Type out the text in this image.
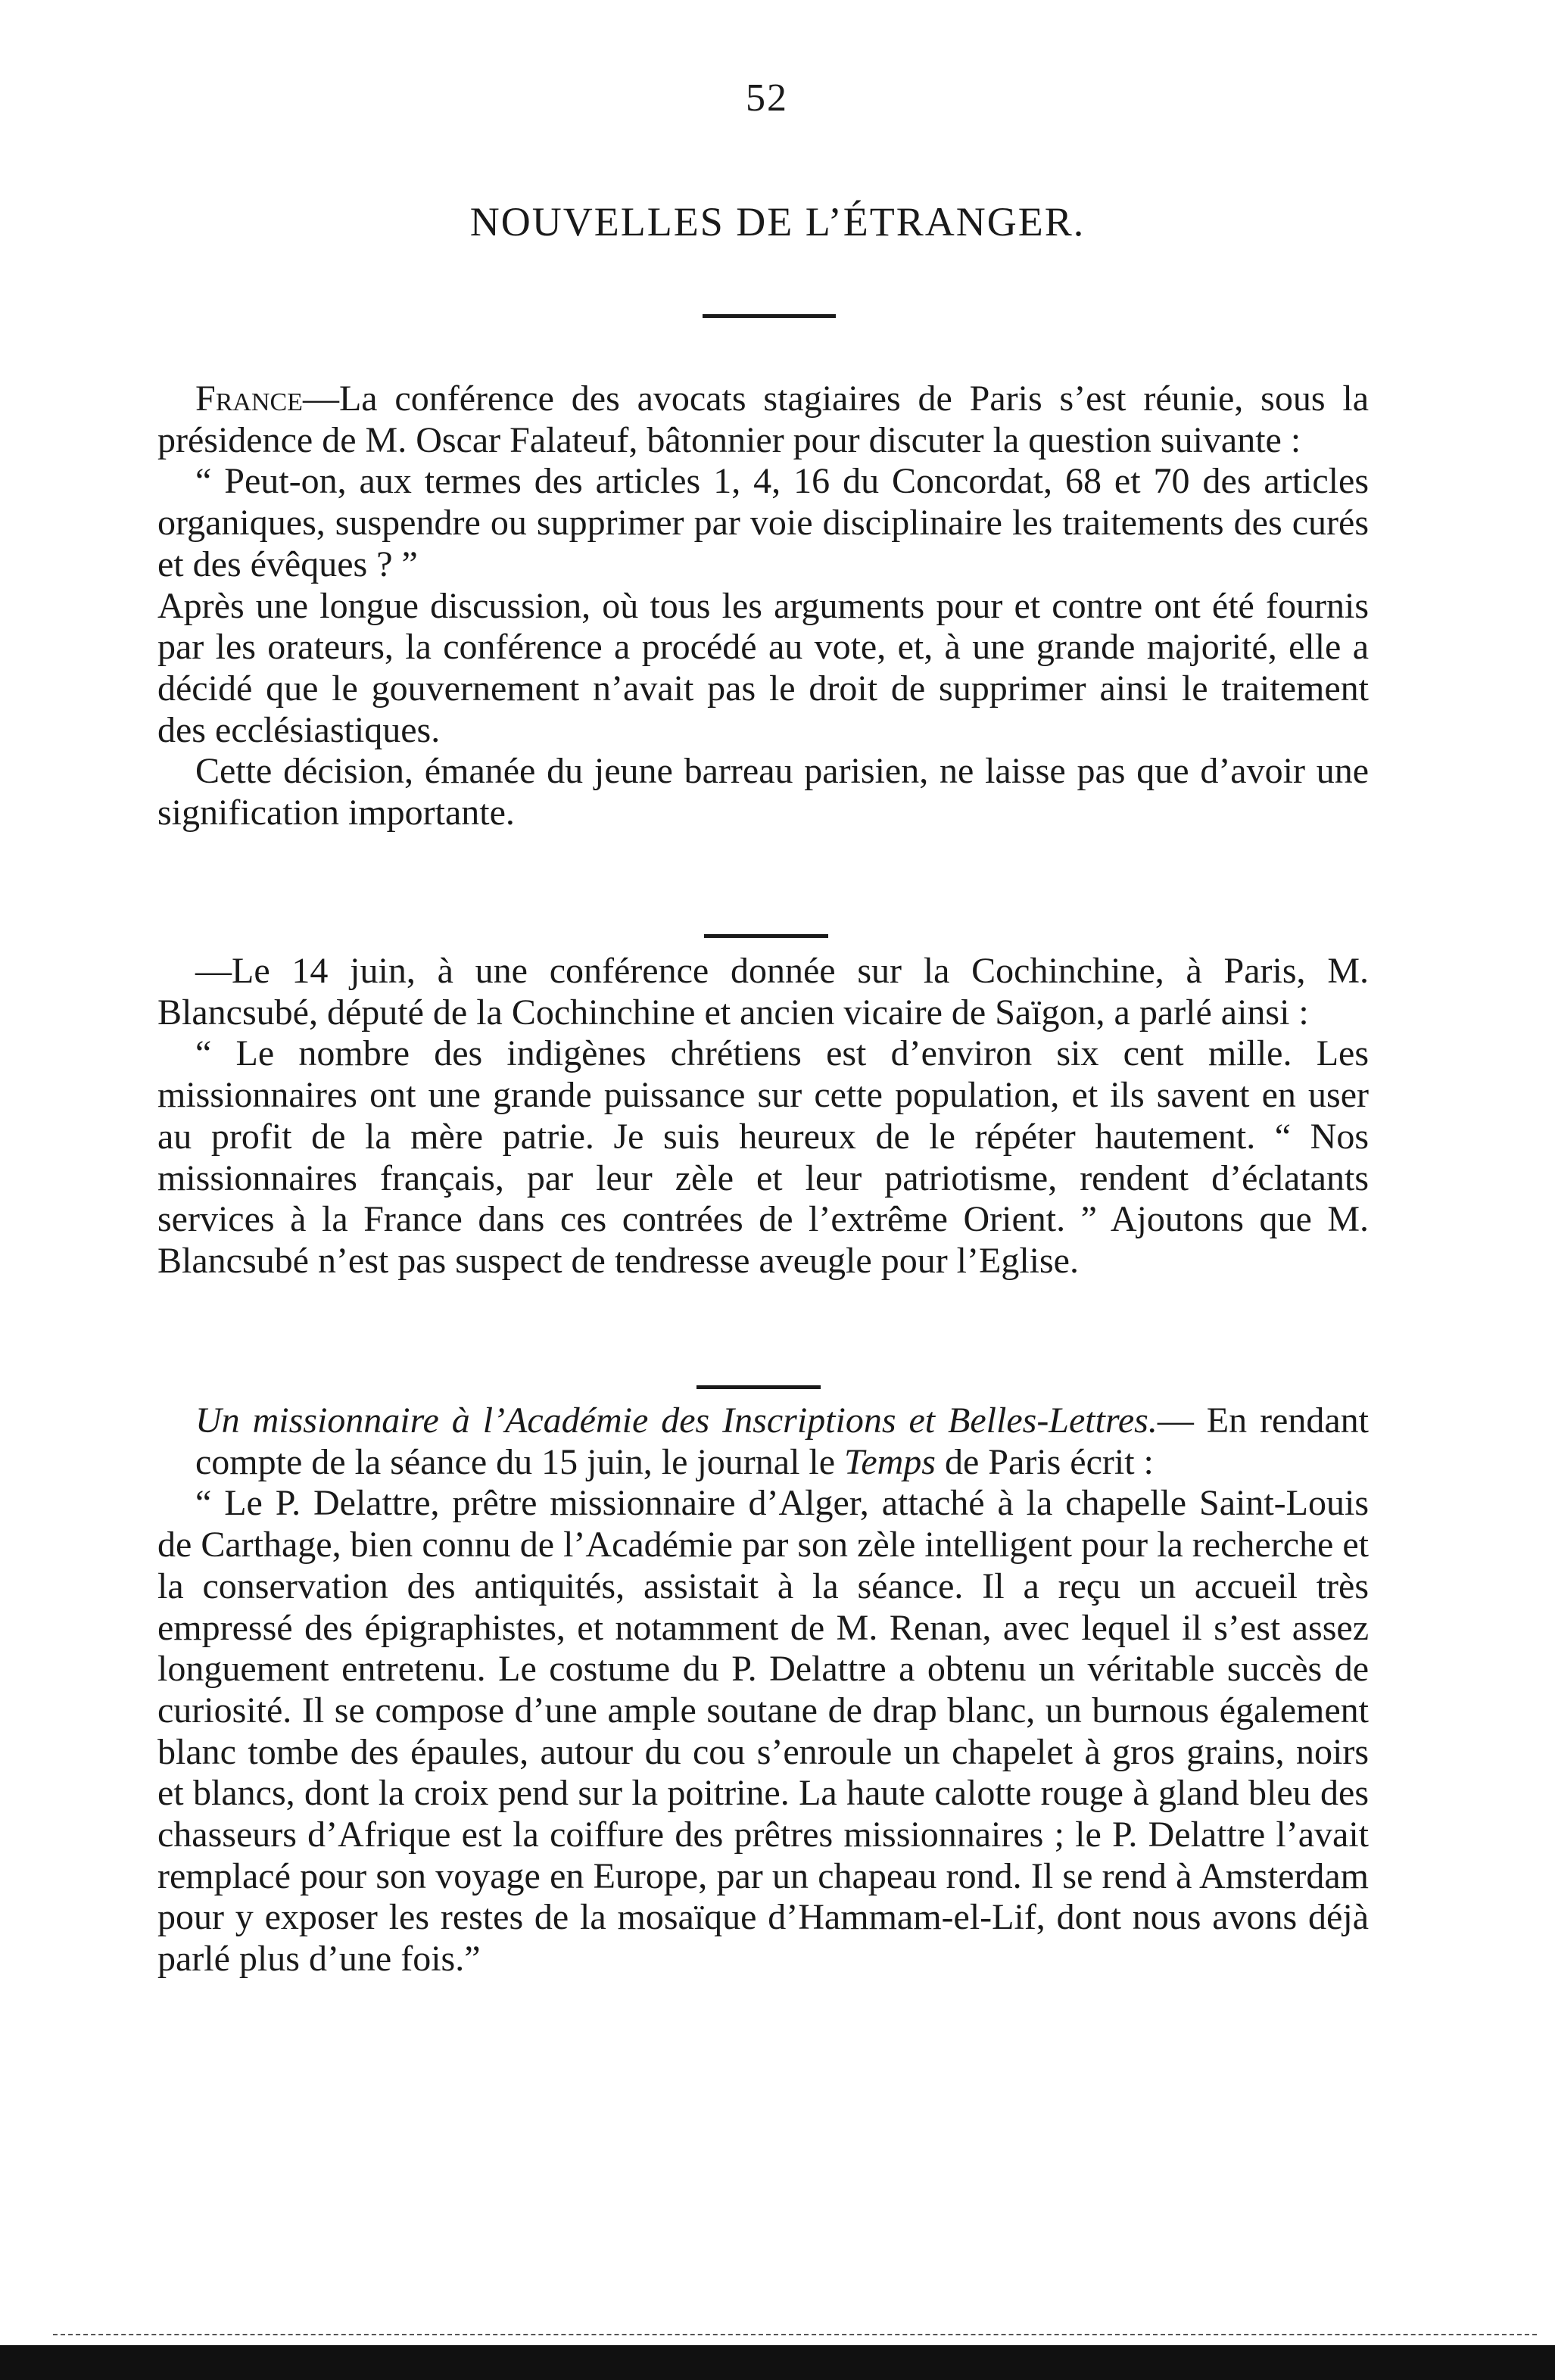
52
NOUVELLES DE L’ÉTRANGER.

France—La conférence des avocats stagiaires de Paris s’est réunie, sous la présidence de M. Oscar Falateuf, bâtonnier pour discuter la question suivante :

“ Peut-on, aux termes des articles 1, 4, 16 du Concordat, 68 et 70 des articles organiques, suspendre ou supprimer par voie disciplinaire les traitements des curés et des évêques ? ”

Après une longue discussion, où tous les arguments pour et contre ont été fournis par les orateurs, la conférence a procédé au vote, et, à une grande majorité, elle a décidé que le gouvernement n’avait pas le droit de supprimer ainsi le traitement des ecclésiastiques.

Cette décision, émanée du jeune barreau parisien, ne laisse pas que d’avoir une signification importante.

—Le 14 juin, à une conférence donnée sur la Cochinchine, à Paris, M. Blancsubé, député de la Cochinchine et ancien vicaire de Saïgon, a parlé ainsi :

“ Le nombre des indigènes chrétiens est d’environ six cent mille. Les missionnaires ont une grande puissance sur cette population, et ils savent en user au profit de la mère patrie. Je suis heureux de le répéter hautement. “ Nos missionnaires français, par leur zèle et leur patriotisme, rendent d’éclatants services à la France dans ces contrées de l’extrême Orient. ” Ajoutons que M. Blancsubé n’est pas suspect de tendresse aveugle pour l’Eglise.

Un missionnaire à l’Académie des Inscriptions et Belles-Lettres.— En rendant compte de la séance du 15 juin, le journal le Temps de Paris écrit :

“ Le P. Delattre, prêtre missionnaire d’Alger, attaché à la chapelle Saint-Louis de Carthage, bien connu de l’Académie par son zèle intelligent pour la recherche et la conservation des antiquités, assistait à la séance. Il a reçu un accueil très empressé des épigraphistes, et notamment de M. Renan, avec lequel il s’est assez longuement entretenu. Le costume du P. Delattre a obtenu un véritable succès de curiosité. Il se compose d’une ample soutane de drap blanc, un burnous également blanc tombe des épaules, autour du cou s’enroule un chapelet à gros grains, noirs et blancs, dont la croix pend sur la poitrine. La haute calotte rouge à gland bleu des chasseurs d’Afrique est la coiffure des prêtres missionnaires ; le P. Delattre l’avait remplacé pour son voyage en Europe, par un chapeau rond. Il se rend à Amsterdam pour y exposer les restes de la mosaïque d’Hammam-el-Lif, dont nous avons déjà parlé plus d’une fois.”
